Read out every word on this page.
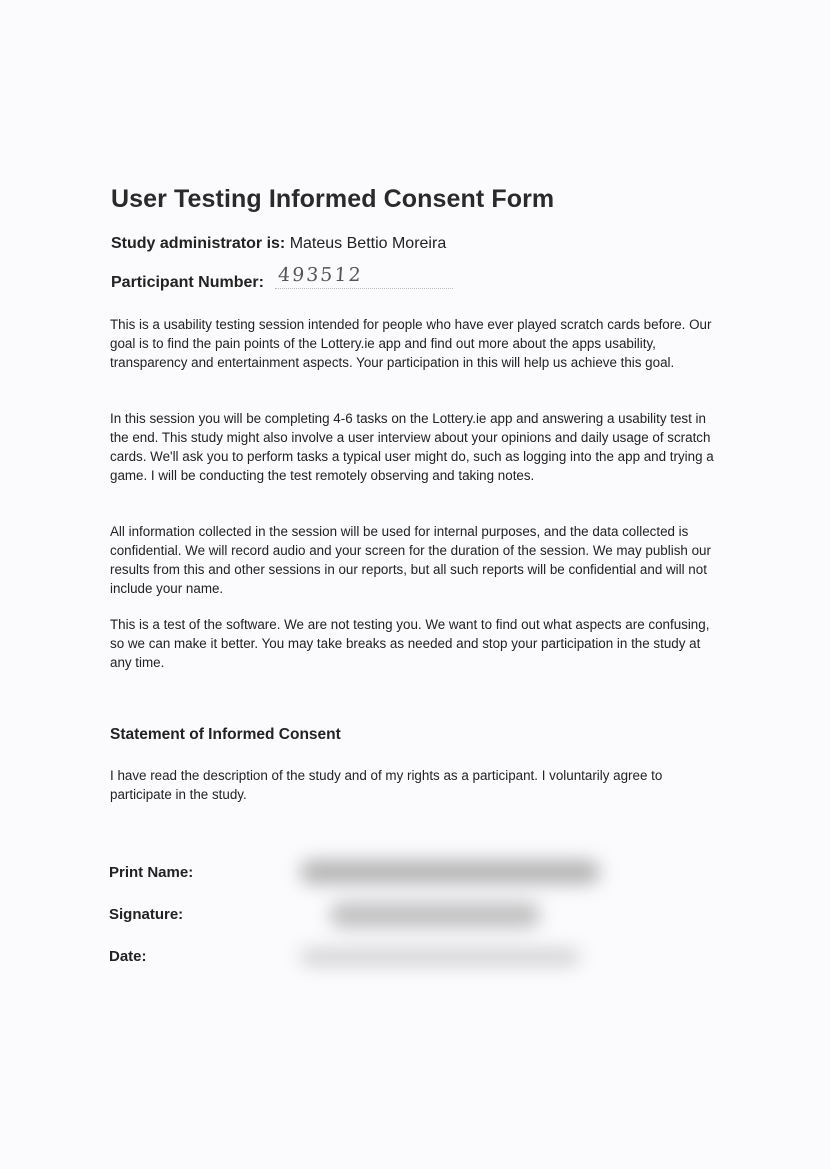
User Testing Informed Consent Form
Study administrator is: Mateus Bettio Moreira
Participant Number: 493512

This is a usability testing session intended for people who have ever played scratch cards before. Our goal is to find the pain points of the Lottery.ie app and find out more about the apps usability, transparency and entertainment aspects. Your participation in this will help us achieve this goal.

In this session you will be completing 4-6 tasks on the Lottery.ie app and answering a usability test in the end. This study might also involve a user interview about your opinions and daily usage of scratch cards. We'll ask you to perform tasks a typical user might do, such as logging into the app and trying a game. I will be conducting the test remotely observing and taking notes.

All information collected in the session will be used for internal purposes, and the data collected is confidential. We will record audio and your screen for the duration of the session. We may publish our results from this and other sessions in our reports, but all such reports will be confidential and will not include your name.

This is a test of the software. We are not testing you. We want to find out what aspects are confusing, so we can make it better. You may take breaks as needed and stop your participation in the study at any time.

Statement of Informed Consent

I have read the description of the study and of my rights as a participant. I voluntarily agree to participate in the study.

Print Name:
Signature:
Date:
